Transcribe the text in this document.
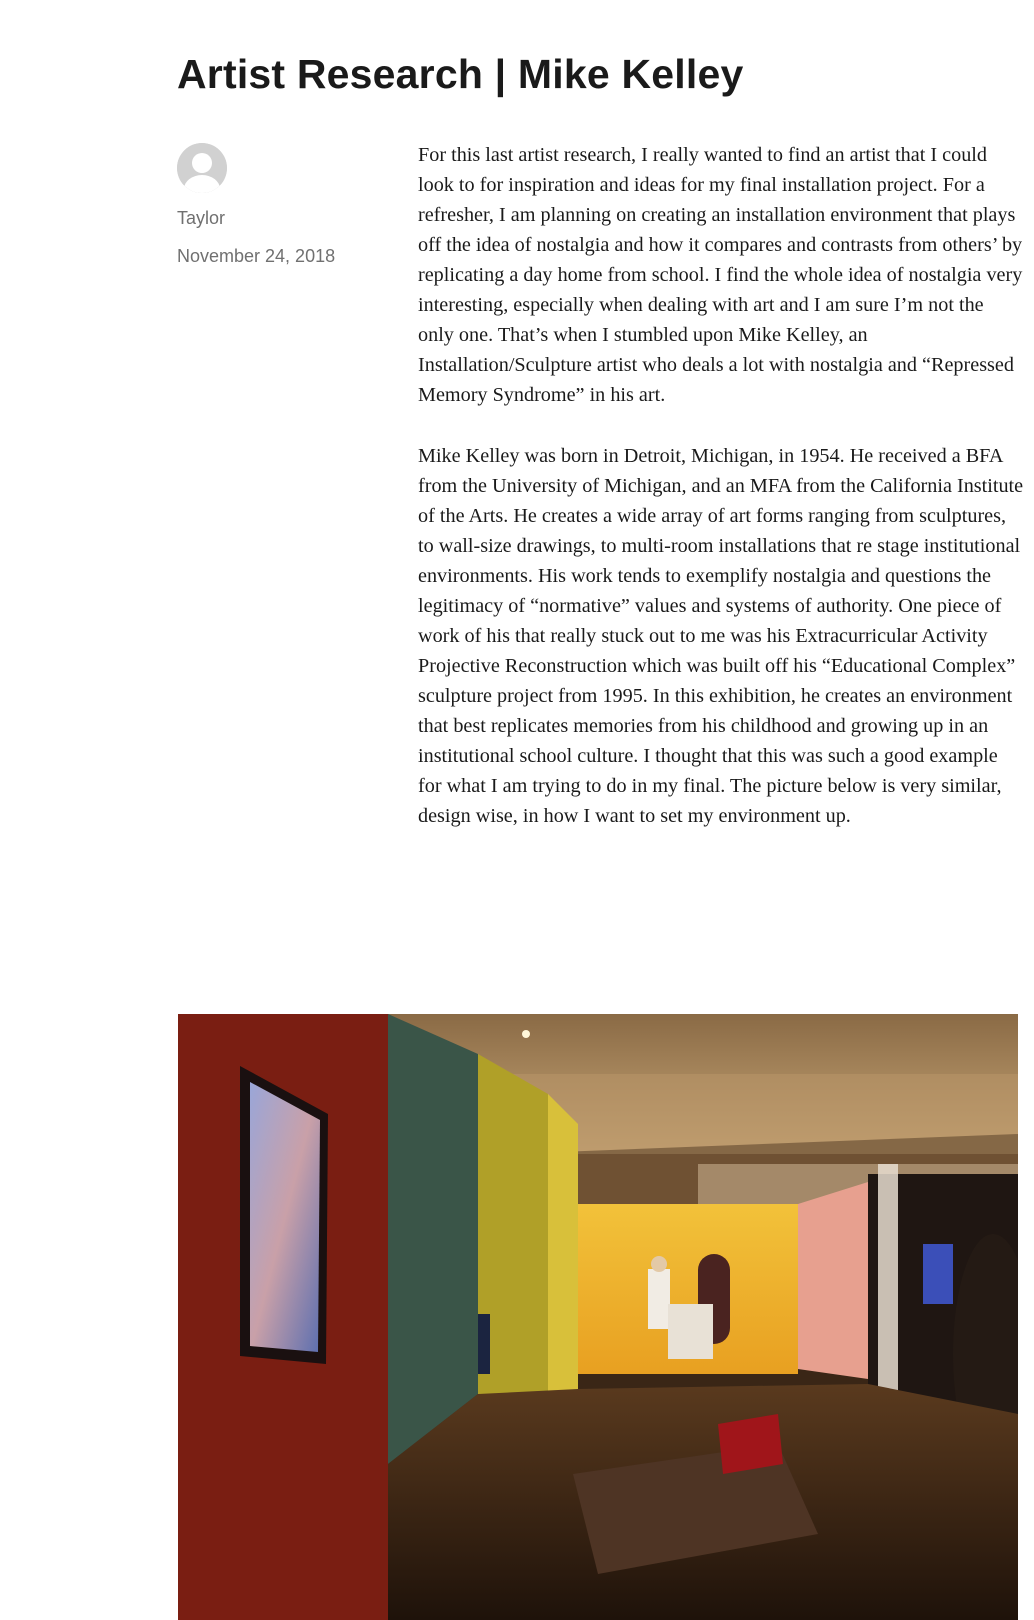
Artist Research | Mike Kelley
Taylor
November 24, 2018

For this last artist research, I really wanted to find an artist that I could look to for inspiration and ideas for my final installation project. For a refresher, I am planning on creating an installation environment that plays off the idea of nostalgia and how it compares and contrasts from others’ by replicating a day home from school. I find the whole idea of nostalgia very interesting, especially when dealing with art and I am sure I’m not the only one. That’s when I stumbled upon Mike Kelley, an Installation/Sculpture artist who deals a lot with nostalgia and “Repressed Memory Syndrome” in his art.

Mike Kelley was born in Detroit, Michigan, in 1954. He received a BFA from the University of Michigan, and an MFA from the California Institute of the Arts. He creates a wide array of art forms ranging from sculptures, to wall-size drawings, to multi-room installations that re stage institutional environments. His work tends to exemplify nostalgia and questions the legitimacy of “normative” values and systems of authority. One piece of work of his that really stuck out to me was his Extracurricular Activity Projective Reconstruction which was built off his “Educational Complex” sculpture project from 1995. In this exhibition, he creates an environment that best replicates memories from his childhood and growing up in an institutional school culture. I thought that this was such a good example for what I am trying to do in my final. The picture below is very similar, design wise, in how I want to set my environment up.
